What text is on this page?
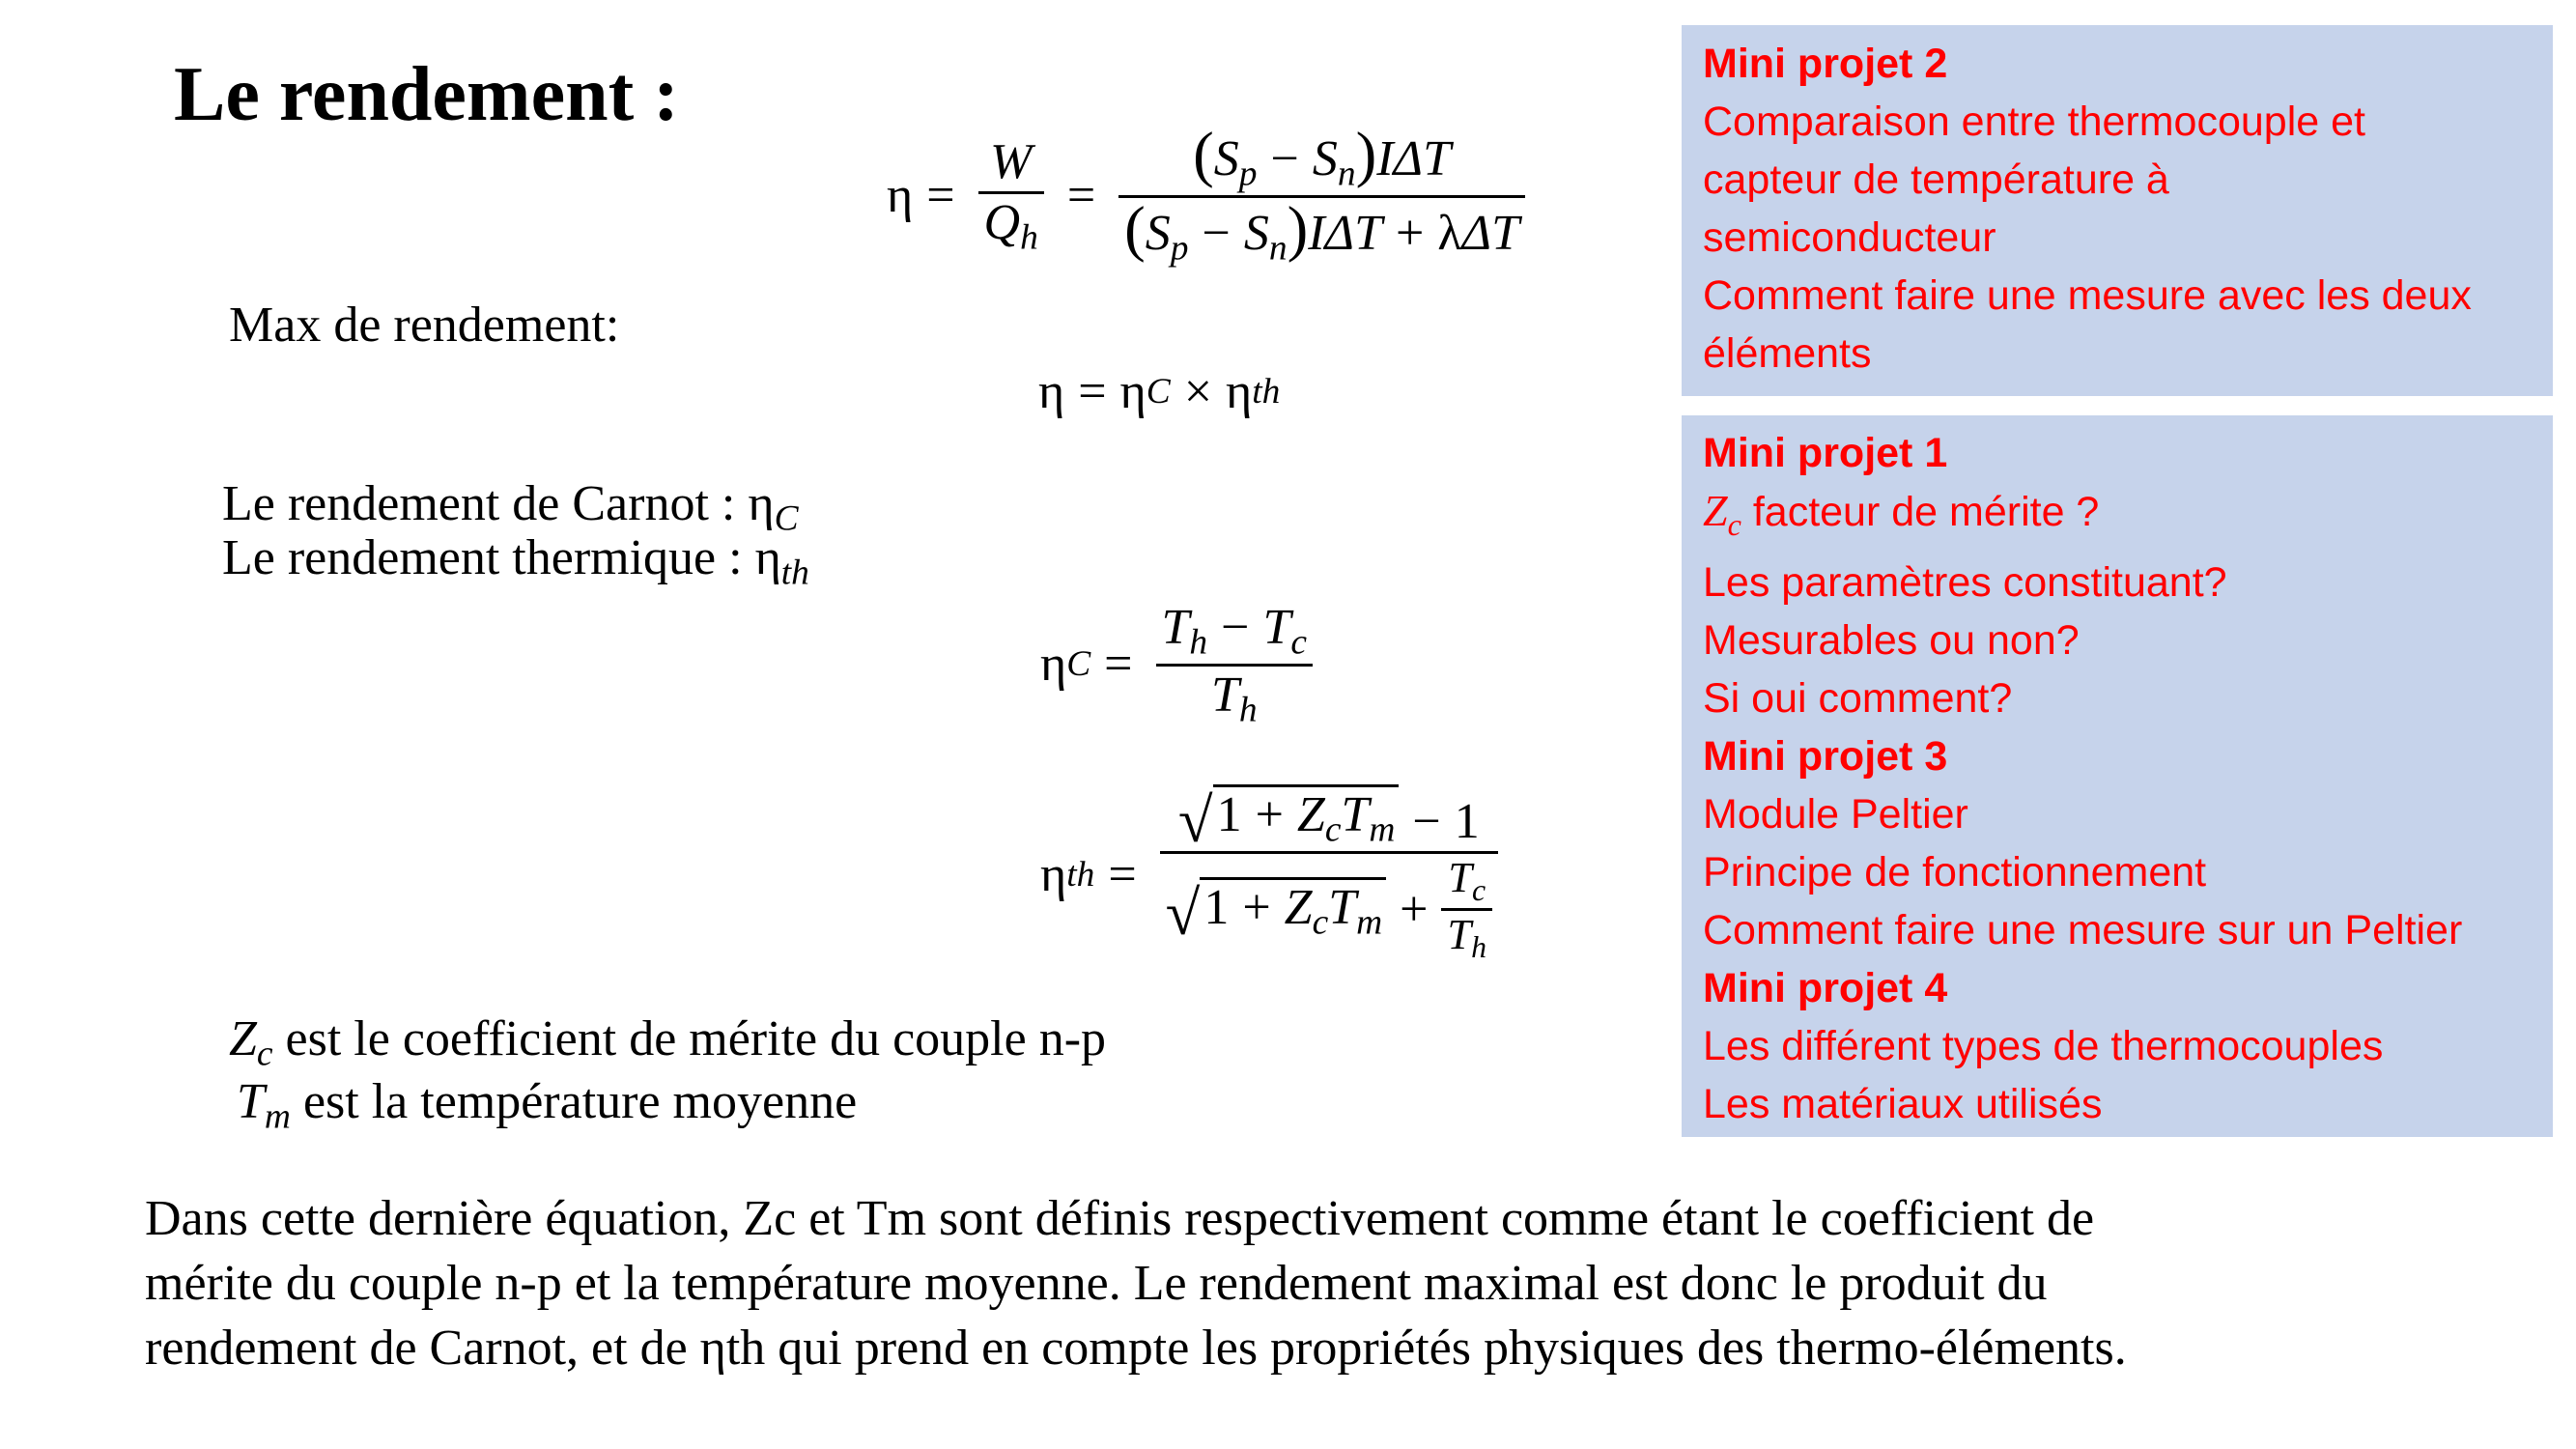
Le rendement :
$\eta = \frac{W}{Q_h} = \frac{(S_p - S_n)I\Delta T}{(S_p - S_n)I\Delta T + \lambda\Delta T}$
Max de rendement:
η = η C × η th
Le rendement de Carnot : $\eta_C$
Le rendement thermique : $\eta_{th}$
η $C = \frac{T_h - T_c}{T_h}$
η th = $\frac{√ 1 + Z_cT_m - 1}{√ 1 + Z_cT_m + \frac{T_c}{T_h}}$
$Z_c$ est le coefficient de mérite du couple n-p
$T_m$ est la température moyenne
Dans cette dernière équation, Zc et Tm sont définis respectivement comme étant le coefficient de
mérite du couple n-p et la température moyenne. Le rendement maximal est donc le produit du
rendement de Carnot, et de ηth qui prend en compte les propriétés physiques des thermo-éléments.
Mini projet 2
Comparaison entre thermocouple et
capteur de température à
semiconducteur
Comment faire une mesure avec les deux
éléments
Mini projet 1
$Z_c$ facteur de mérite ?
Les paramètres constituant?
Mesurables ou non?
Si oui comment?
Mini projet 3
Module Peltier
Principe de fonctionnement
Comment faire une mesure sur un Peltier
Mini projet 4
Les différent types de thermocouples
Les matériaux utilisés
